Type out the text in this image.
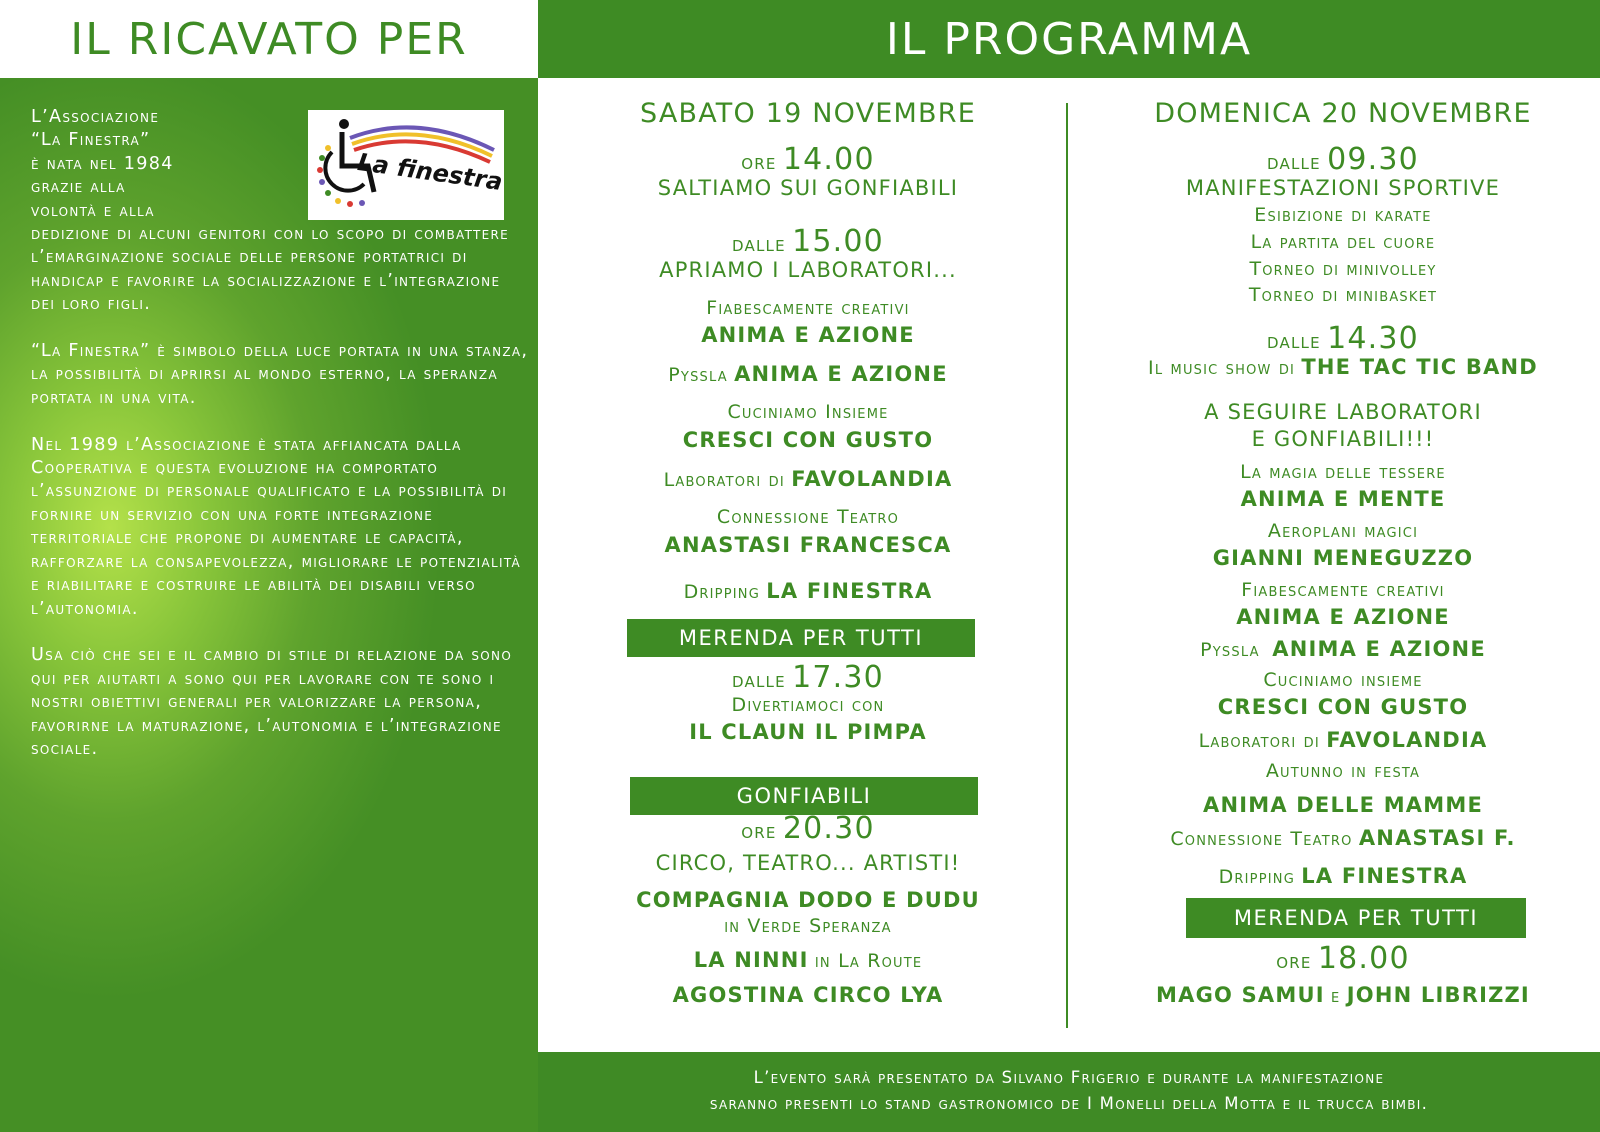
IL RICAVATO PER
La finestra

L’Associazione
“La Finestra”
è nata nel 1984
grazie alla
volontà e alla
dedizione di alcuni genitori con lo scopo di combattere l’emarginazione sociale delle persone portatrici di handicap e favorire la socializzazione e l’integrazione dei loro figli.

“La Finestra” è simbolo della luce portata in una stanza, la possibilità di aprirsi al mondo esterno, la speranza portata in una vita.

Nel 1989 l’Associazione è stata affiancata dalla Cooperativa e questa evoluzione ha comportato l’assunzione di personale qualificato e la possibilità di fornire un servizio con una forte integrazione territoriale che propone di aumentare le capacità, rafforzare la consapevolezza, migliorare le potenzialità e riabilitare e costruire le abilità dei disabili verso l’autonomia.

Usa ciò che sei e il cambio di stile di relazione da sono qui per aiutarti a sono qui per lavorare con te sono i nostri obiettivi generali per valorizzare la persona, favorirne la maturazione, l’autonomia e l’integrazione sociale.

IL PROGRAMMA
SABATO 19 NOVEMBRE
ore 14.00
SALTIAMO SUI GONFIABILI
dalle 15.00
APRIAMO I LABORATORI...
Fiabescamente creativi
ANIMA E AZIONE
Pyssla ANIMA E AZIONE
Cuciniamo Insieme
CRESCI CON GUSTO
Laboratori di FAVOLANDIA
Connessione Teatro
ANASTASI FRANCESCA
Dripping LA FINESTRA
MERENDA PER TUTTI
dalle 17.30
Divertiamoci con
IL CLAUN IL PIMPA
GONFIABILI
ore 20.30
CIRCO, TEATRO... ARTISTI!
COMPAGNIA DODO E DUDU
in Verde Speranza
LA NINNI in La Route
AGOSTINA CIRCO LYA
DOMENICA 20 NOVEMBRE
dalle 09.30
MANIFESTAZIONI SPORTIVE
Esibizione di karate
La partita del cuore
Torneo di minivolley
Torneo di minibasket
dalle 14.30
Il music show di THE TAC TIC BAND
A SEGUIRE LABORATORI
E GONFIABILI!!!
La magia delle tessere
ANIMA E MENTE
Aeroplani magici
GIANNI MENEGUZZO
Fiabescamente creativi
ANIMA E AZIONE
Pyssla ANIMA E AZIONE
Cuciniamo insieme
CRESCI CON GUSTO
Laboratori di FAVOLANDIA
Autunno in festa
ANIMA DELLE MAMME
Connessione Teatro ANASTASI F.
Dripping LA FINESTRA
MERENDA PER TUTTI
ore 18.00
MAGO SAMUI e JOHN LIBRIZZI
L’evento sarà presentato da Silvano Frigerio e durante la manifestazione
saranno presenti lo stand gastronomico de I Monelli della Motta e il trucca bimbi.
